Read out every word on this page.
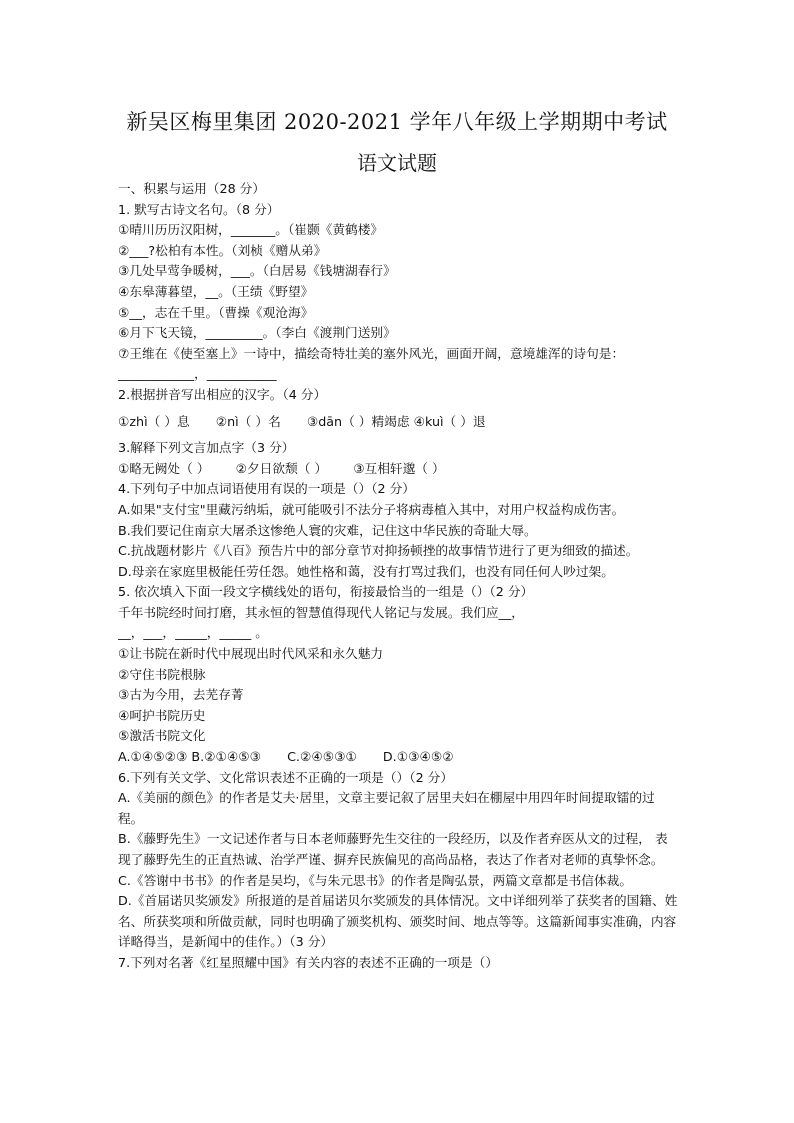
新吴区梅里集团 2020-2021 学年八年级上学期期中考试
语文试题
一、积累与运用（28 分）
1. 默写古诗文名句。（8 分）
①晴川历历汉阳树，_______。（崔颢《黄鹤楼》
②___?松柏有本性。（刘桢《赠从弟》
③几处早莺争暖树，___。（白居易《钱塘湖春行》
④东皋薄暮望，__。（王绩《野望》
⑤__，志在千里。（曹操《观沧海》
⑥月下飞天镜，_________。（李白《渡荆门送别》
⑦王维在《使至塞上》一诗中，描绘奇特壮美的塞外风光，画面开阔，意境雄浑的诗句是：____________，___________
2.根据拼音写出相应的汉字。（4 分）
①zhì（ ）息 ②nì（ ）名 ③dān（ ）精竭虑 ④kuì（ ）退
3.解释下列文言加点字（3 分）
①略无阙处（ ） ②夕日欲颓（ ） ③互相轩邈（ ）
4.下列句子中加点词语使用有误的一项是（）（2 分）
A.如果"支付宝"里藏污纳垢，就可能吸引不法分子将病毒植入其中，对用户权益构成伤害。
B.我们要记住南京大屠杀这惨绝人寰的灾难，记住这中华民族的奇耻大辱。
C.抗战题材影片《八百》预告片中的部分章节对抑扬顿挫的故事情节进行了更为细致的描述。
D.母亲在家庭里极能任劳任怨。她性格和蔼，没有打骂过我们，也没有同任何人吵过架。
5. 依次填入下面一段文字横线处的语句，衔接最恰当的一组是（）（2 分）
千年书院经时间打磨，其永恒的智慧值得现代人铭记与发展。我们应__，
__，___，_____，_____ 。
①让书院在新时代中展现出时代风采和永久魅力
②守住书院根脉
③古为今用，去芜存菁
④呵护书院历史
⑤激活书院文化
A.①④⑤②③ B.②①④⑤③ C.②④⑤③① D.①③④⑤②
6.下列有关文学、文化常识表述不正确的一项是（）（2 分）
A.《美丽的颜色》的作者是艾夫·居里，文章主要记叙了居里夫妇在棚屋中用四年时间提取镭的过程。
B.《藤野先生》一文记述作者与日本老师藤野先生交往的一段经历，以及作者弃医从文的过程， 表现了藤野先生的正直热诚、治学严谨、摒弃民族偏见的高尚品格，表达了作者对老师的真挚怀念。
C.《答谢中书书》的作者是吴均，《与朱元思书》的作者是陶弘景，两篇文章都是书信体裁。
D.《首届诺贝奖颁发》所报道的是首届诺贝尔奖颁发的具体情况。文中详细列举了获奖者的国籍、姓名、所获奖项和所做贡献，同时也明确了颁奖机构、颁奖时间、地点等等。这篇新闻事实准确，内容详略得当，是新闻中的佳作。）（3 分）
7.下列对名著《红星照耀中国》有关内容的表述不正确的一项是（）
